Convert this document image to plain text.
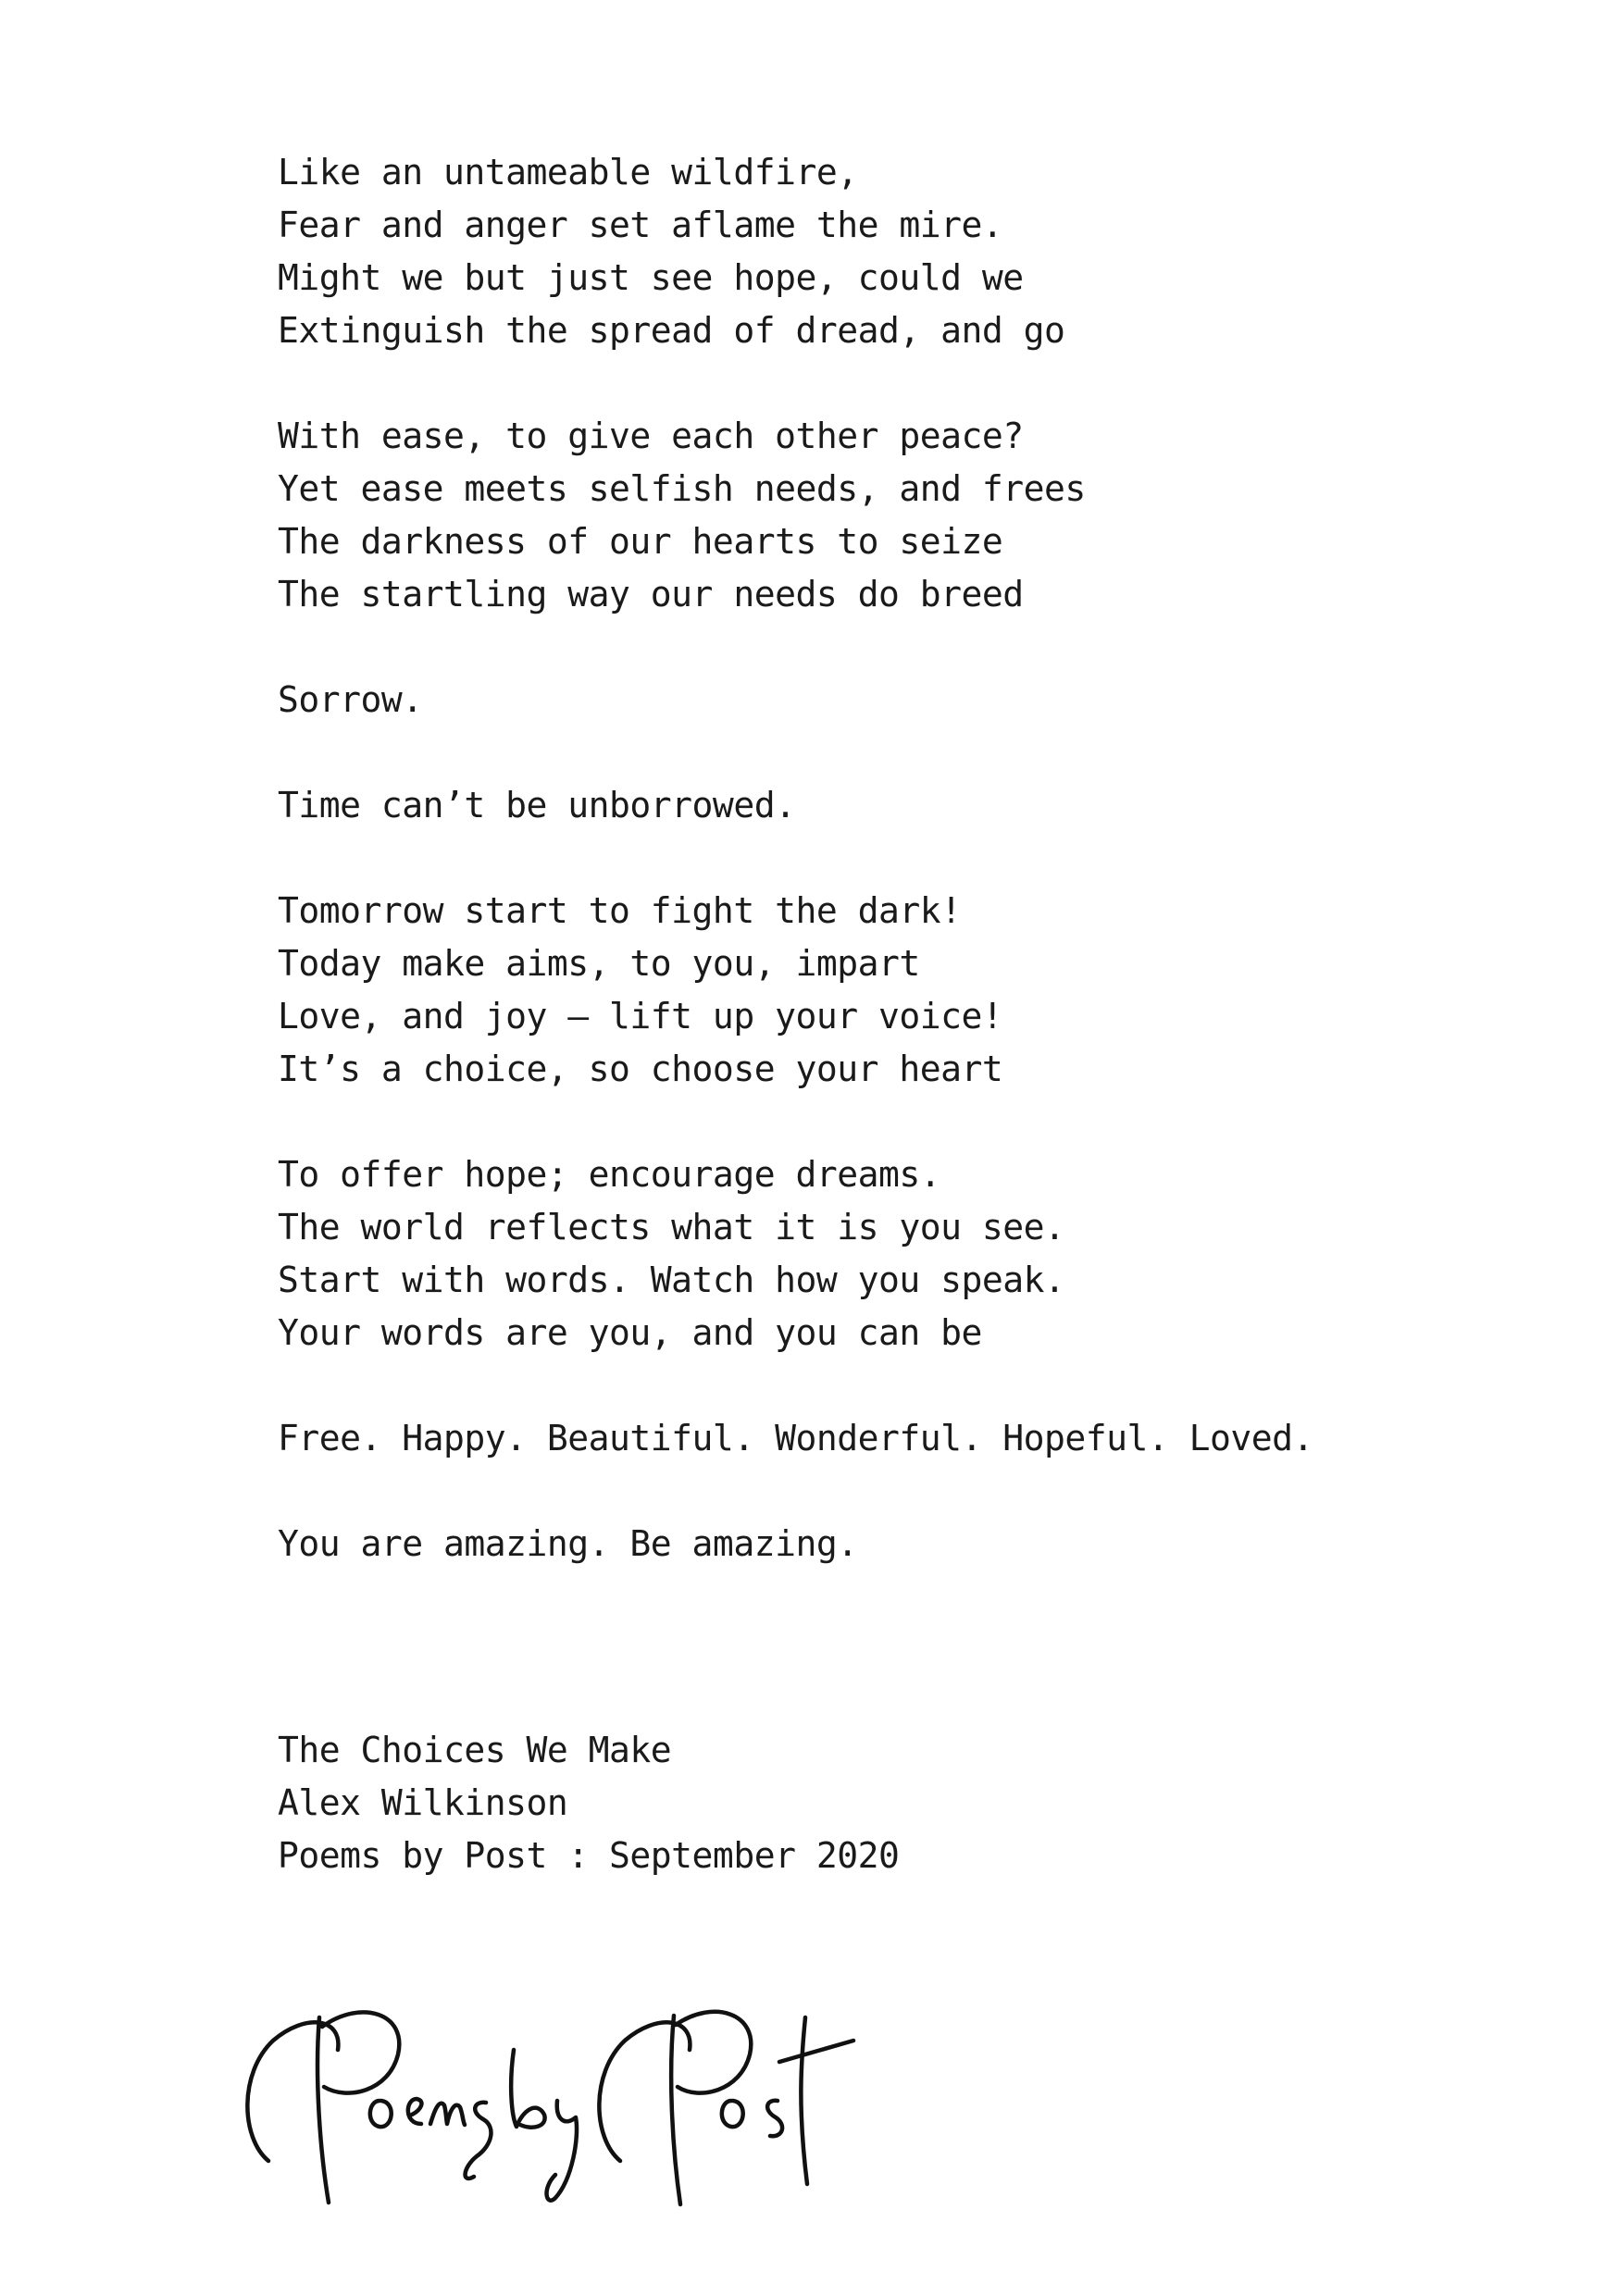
Like an untameable wildfire,
Fear and anger set aflame the mire.
Might we but just see hope, could we
Extinguish the spread of dread, and go
With ease, to give each other peace?
Yet ease meets selfish needs, and frees
The darkness of our hearts to seize
The startling way our needs do breed
Sorrow.
Time can’t be unborrowed.
Tomorrow start to fight the dark!
Today make aims, to you, impart
Love, and joy – lift up your voice!
It’s a choice, so choose your heart
To offer hope; encourage dreams.
The world reflects what it is you see.
Start with words. Watch how you speak.
Your words are you, and you can be
Free. Happy. Beautiful. Wonderful. Hopeful. Loved.
You are amazing. Be amazing.
The Choices We Make
Alex Wilkinson
Poems by Post : September 2020
